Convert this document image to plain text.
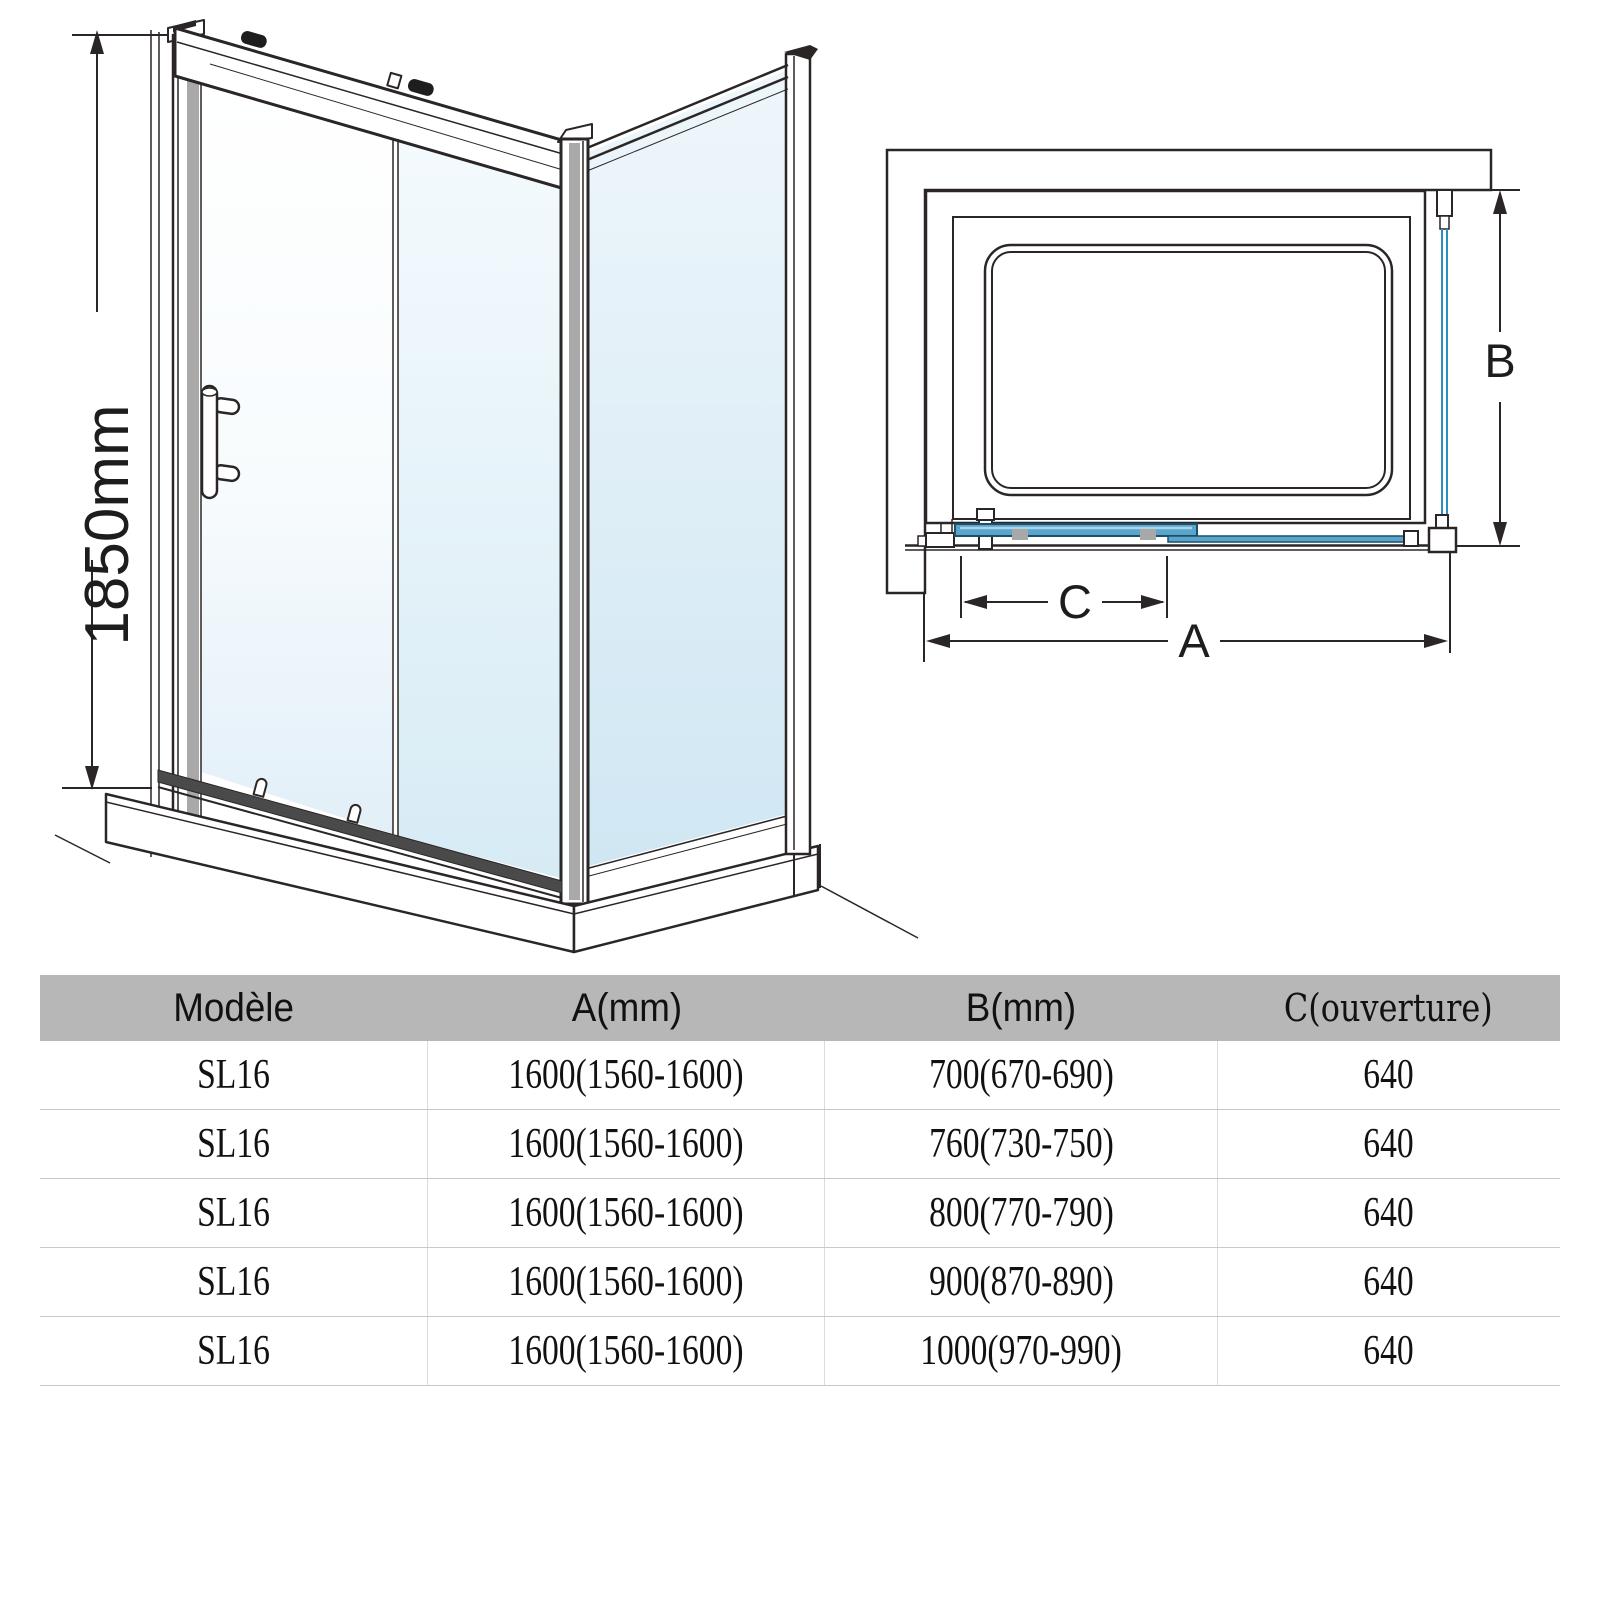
1850mm
B
C
A
Modèle	A(mm)	B(mm)	C(ouverture)
SL16	1600(1560-1600)	700(670-690)	640
SL16	1600(1560-1600)	760(730-750)	640
SL16	1600(1560-1600)	800(770-790)	640
SL16	1600(1560-1600)	900(870-890)	640
SL16	1600(1560-1600)	1000(970-990)	640
